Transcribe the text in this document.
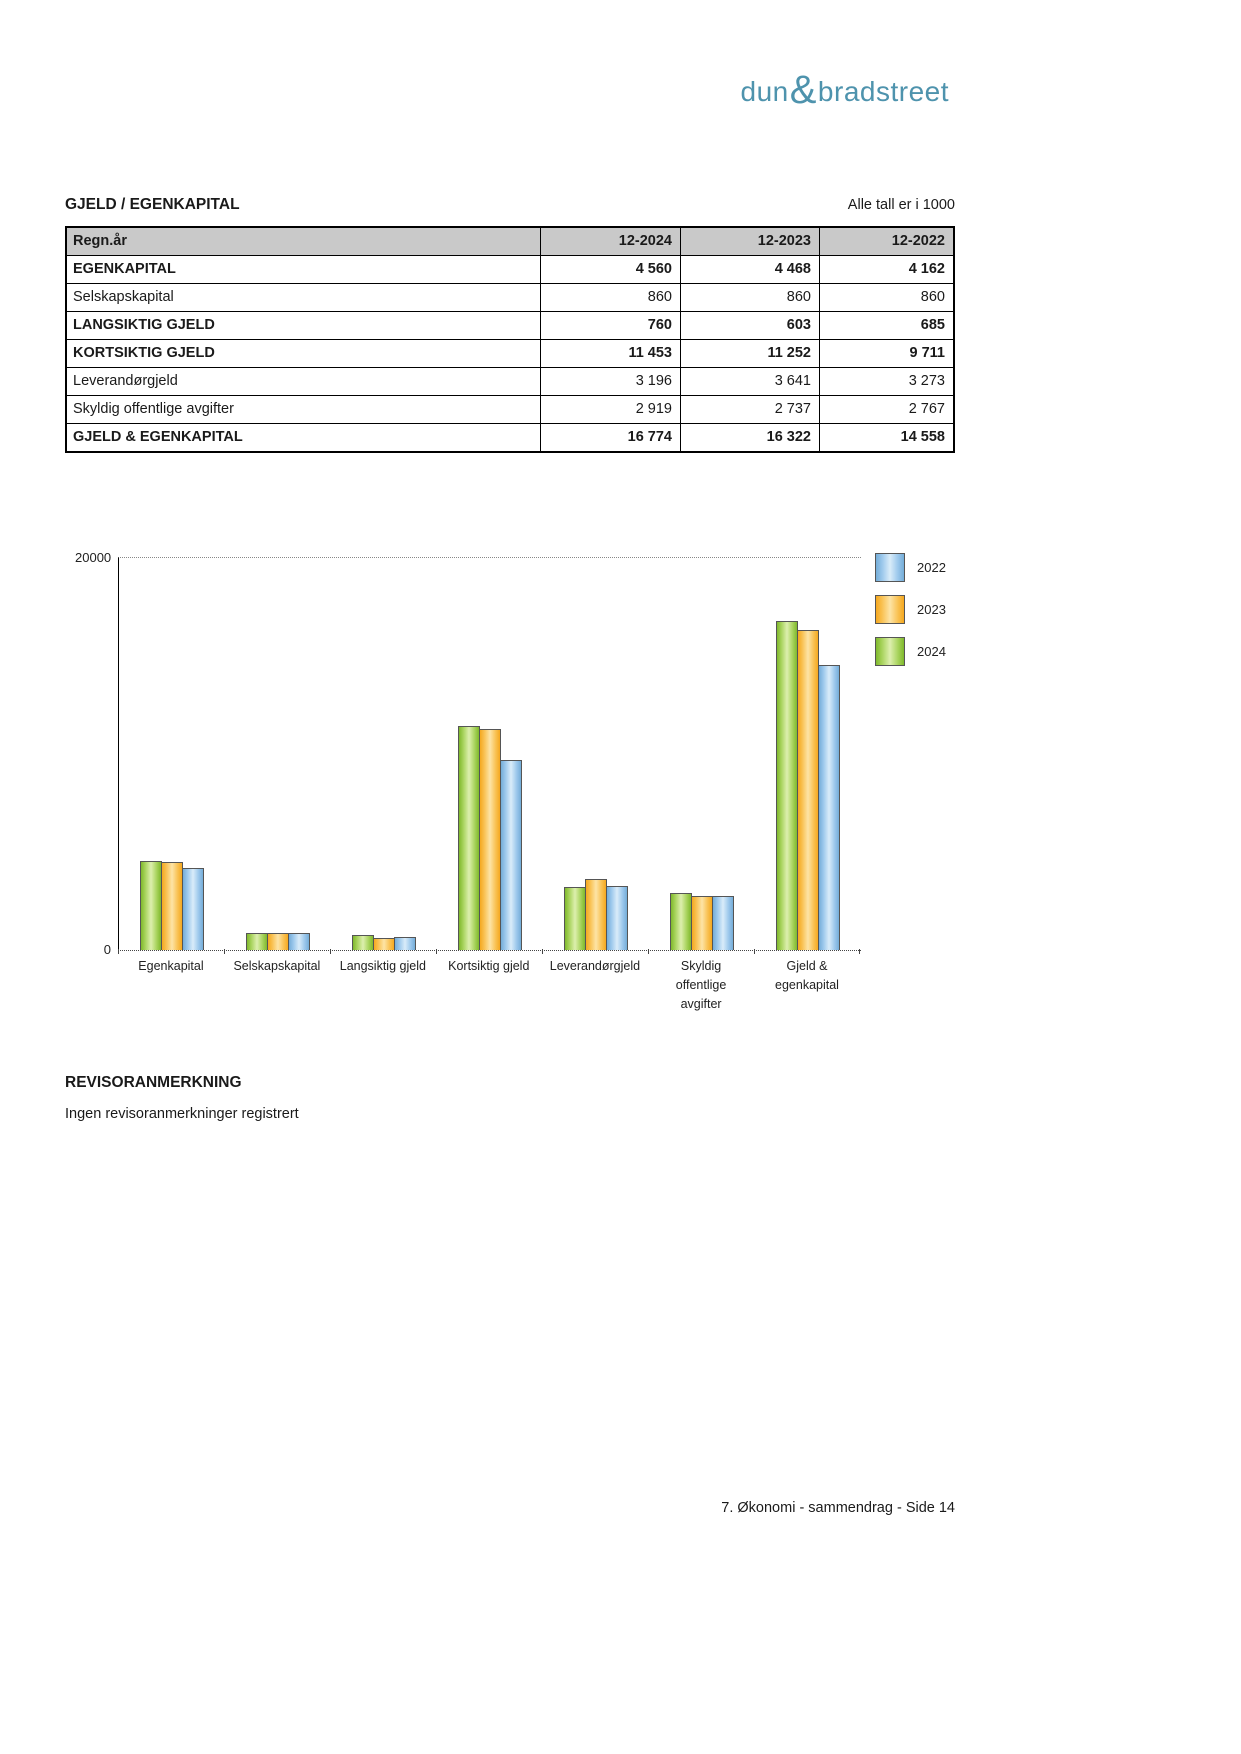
dun & bradstreet
GJELD / EGENKAPITAL	Alle tall er i 1000
Regn.år	12-2024	12-2023	12-2022
EGENKAPITAL	4 560	4 468	4 162
Selskapskapital	860	860	860
LANGSIKTIG GJELD	760	603	685
KORTSIKTIG GJELD	11 453	11 252	9 711
Leverandørgjeld	3 196	3 641	3 273
Skyldig offentlige avgifter	2 919	2 737	2 767
GJELD & EGENKAPITAL	16 774	16 322	14 558
20000
0
Egenkapital	Selskapskapital	Langsiktig gjeld	Kortsiktig gjeld	Leverandørgjeld	Skyldig offentlige avgifter
Gjeld & egenkapital
2022
2023
2024
REVISORANMERKNING
Ingen revisoranmerkninger registrert
7. Økonomi - sammendrag - Side 14
